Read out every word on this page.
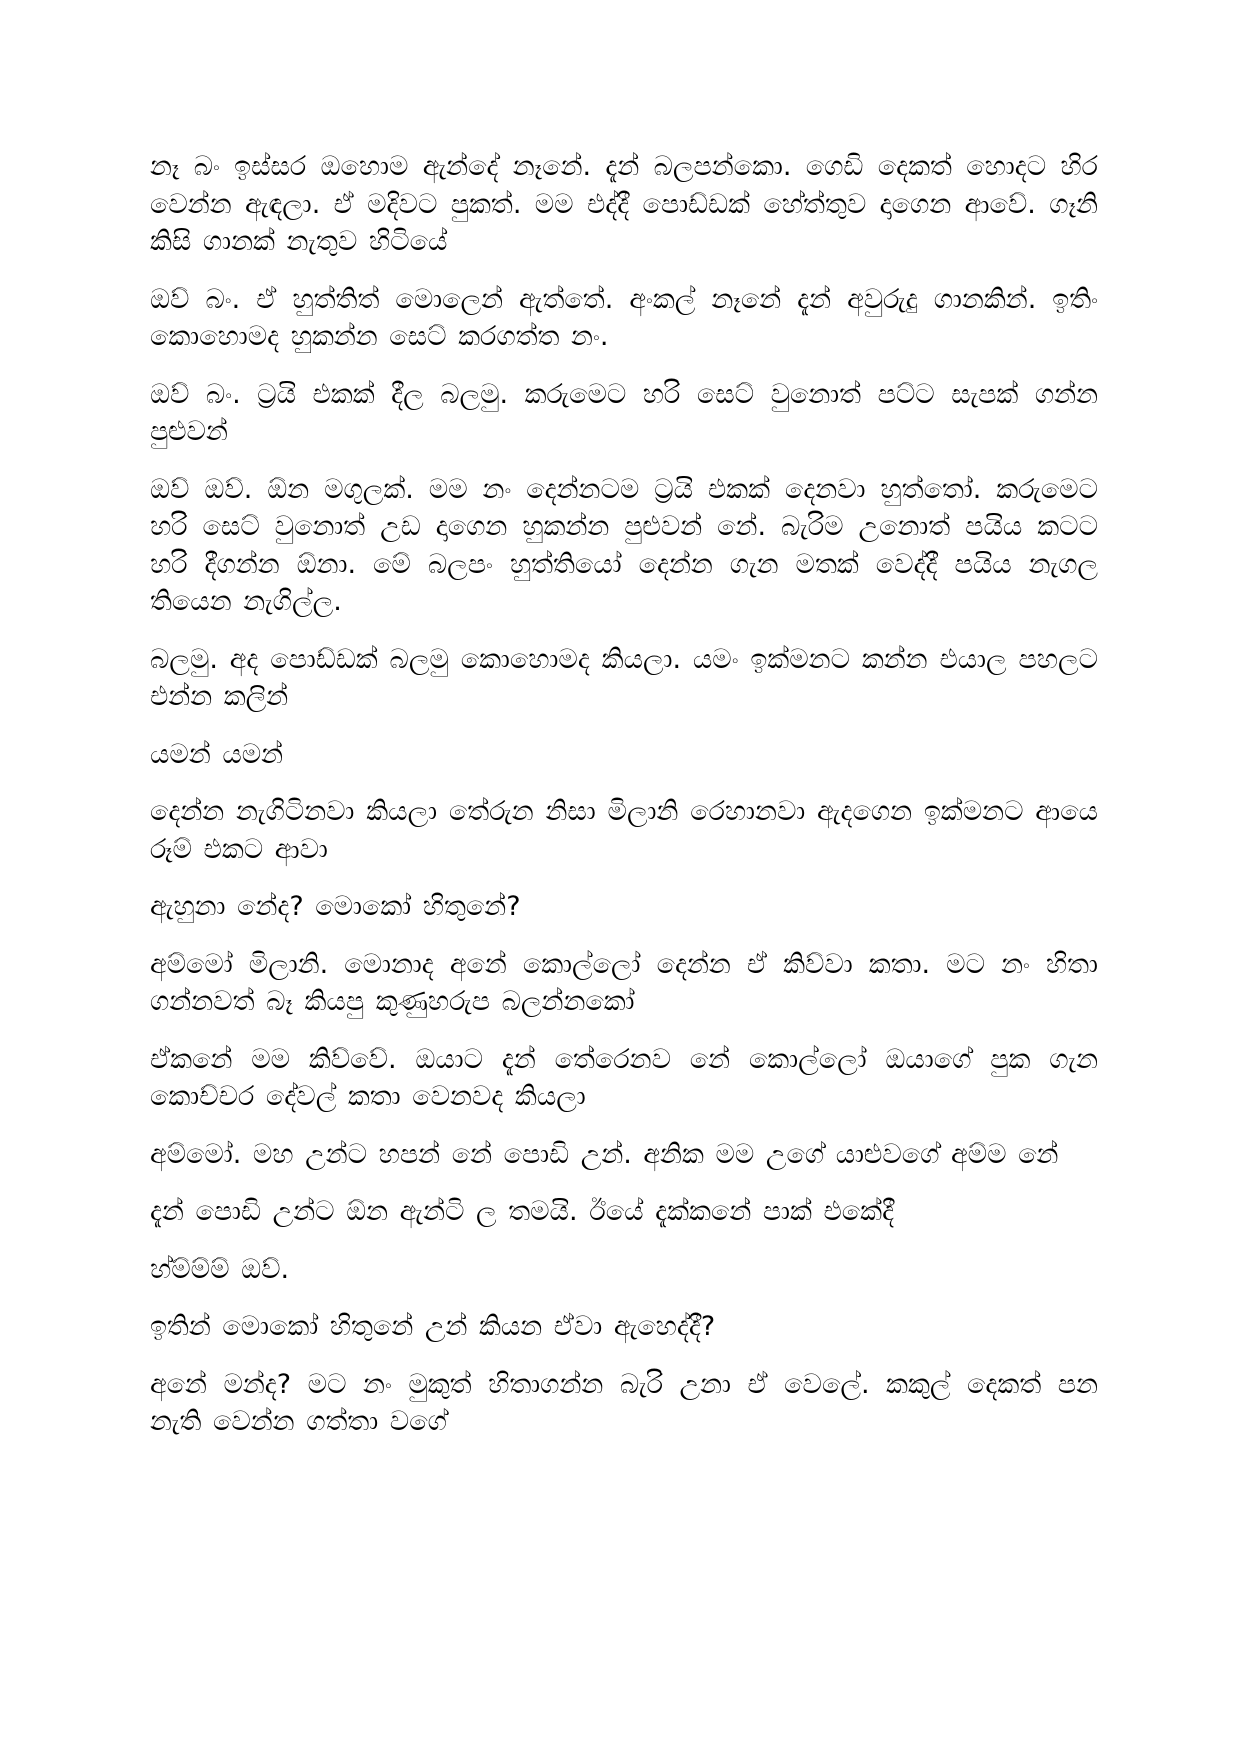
නෑ බං ඉස්සර ඔහොම ඇන්දේ නෑනේ. දැන් බලපන්කො. ගෙඩි දෙකත් හොදට හිර වෙන්න ඇඳලා. ඒ මදිවට පුකත්. මම එද්දී පොඩ්ඩක් හේත්තුව දාගෙන ආවේ. ගෑනි කිසි ගානක් නැතුව හිටියේ

ඔව් බං. ඒ හුත්තිත් මොලෙන් ඇත්තේ. අංකල් නෑනේ දැන් අවුරුදු ගානකින්. ඉතිං කොහොමද හුකන්න සෙට් කරගත්ත නං.

ඔව් බං. ට්‍රයි එකක් දීල බලමු. කරුමෙට හරි සෙට් වුනොත් පට්ට සැපක් ගන්න පුළුවන්

ඔව් ඔව්. ඕන මගුලක්. මම නං දෙන්නටම ට්‍රයි එකක් දෙනවා හුත්තෝ. කරුමෙට හරි සෙට් වුනොත් උඩ දාගෙන හුකන්න පුළුවන් නේ. බැරිම උනොත් පයිය කටට හරි දීගන්න ඕනා. මේ බලපං හුත්තියෝ දෙන්න ගැන මතක් වෙද්දී පයිය නැගල තියෙන නැගිල්ල.

බලමු. අද පොඩ්ඩක් බලමු කොහොමද කියලා. යමං ඉක්මනට කන්න එයාල පහලට එන්න කලින්

යමන් යමන්

දෙන්න නැගිටිනවා කියලා තේරුන නිසා මිලානි රෙහානවා ඇදගෙන ඉක්මනට ආයෙ රූම් එකට ආවා

ඇහුනා නේද? මොකෝ හිතුනේ?

අම්මෝ මිලානි. මොනාද අනේ කොල්ලෝ දෙන්න ඒ කිව්වා කතා. මට නං හිතා ගන්නවත් බෑ කියපු කුණුහරුප බලන්නකෝ

ඒකනේ මම කිව්වේ. ඔයාට දැන් තේරෙනව නේ කොල්ලෝ ඔයාගේ පුක ගැන කොච්චර දේවල් කතා වෙනවද කියලා

අම්මෝ. මහ උන්ට හපන් නේ පොඩි උන්. අනික මම උගේ යාළුවගේ අම්ම නේ

දැන් පොඩි උන්ට ඕන ඇන්ටි ල තමයි. ඊයේ දැක්කනේ පාක් එකේදී

හ්ම්ම්ම් ඔව්.

ඉතින් මොකෝ හිතුනේ උන් කියන ඒවා ඇහෙද්දී?

අනේ මන්ද? මට නං මුකුත් හිතාගන්න බැරි උනා ඒ වෙලේ. කකුල් දෙකත් පන නැති වෙන්න ගත්තා වගේ
